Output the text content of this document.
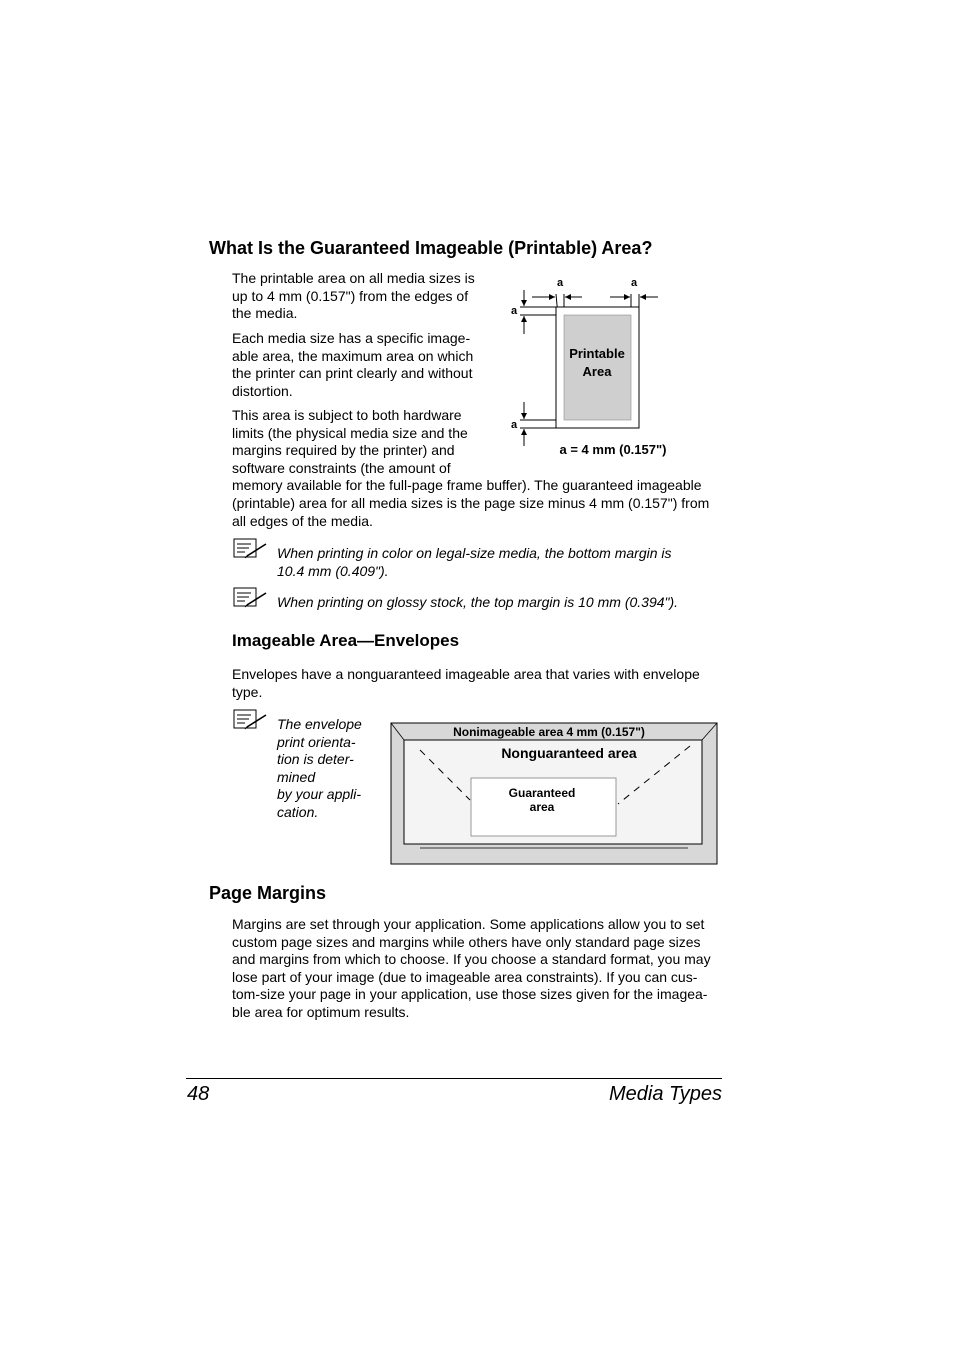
What Is the Guaranteed Imageable (Printable) Area?
The printable area on all media sizes is
up to 4 mm (0.157") from the edges of
the media.
Each media size has a specific image-
able area, the maximum area on which
the printer can print clearly and without
distortion.
This area is subject to both hardware
limits (the physical media size and the
margins required by the printer) and
software constraints (the amount of
memory available for the full-page frame buffer). The guaranteed imageable
(printable) area for all media sizes is the page size minus 4 mm (0.157") from
all edges of the media.
a	a
a
a
Printable
Area
a = 4 mm (0.157")
When printing in color on legal-size media, the bottom margin is
10.4 mm (0.409").
When printing on glossy stock, the top margin is 10 mm (0.394").
Imageable Area—Envelopes
Envelopes have a nonguaranteed imageable area that varies with envelope
type.
The envelope
print orienta-
tion is deter-
mined
by your appli-
cation.
Nonimageable area 4 mm (0.157")
Nonguaranteed area
Guaranteed
area
Page Margins
Margins are set through your application. Some applications allow you to set
custom page sizes and margins while others have only standard page sizes
and margins from which to choose. If you choose a standard format, you may
lose part of your image (due to imageable area constraints). If you can cus-
tom-size your page in your application, use those sizes given for the imagea-
ble area for optimum results.
48	Media Types
